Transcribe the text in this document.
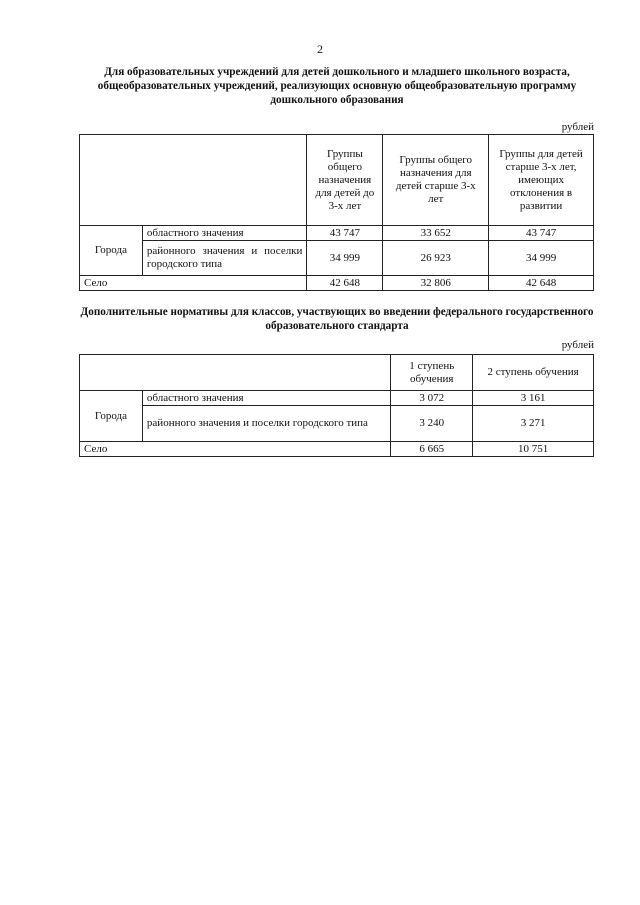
2
Для образовательных учреждений для детей дошкольного и младшего школьного возраста, общеобразовательных учреждений, реализующих основную общеобразовательную программу дошкольного образования
рублей
		Группы общего назначения для детей до 3-х лет	Группы общего назначения для детей старше 3-х лет	Группы для детей старше 3-х лет, имеющих отклонения в развитии
Города	областного значения	43 747	33 652	43 747
	районного значения и поселки городского типа	34 999	26 923	34 999
Село		42 648	32 806	42 648
Дополнительные нормативы для классов, участвующих во введении федерального государственного образовательного стандарта
рублей
		1 ступень обучения	2 ступень обучения
Города	областного значения	3 072	3 161
	районного значения и поселки городского типа	3 240	3 271
Село		6 665	10 751
